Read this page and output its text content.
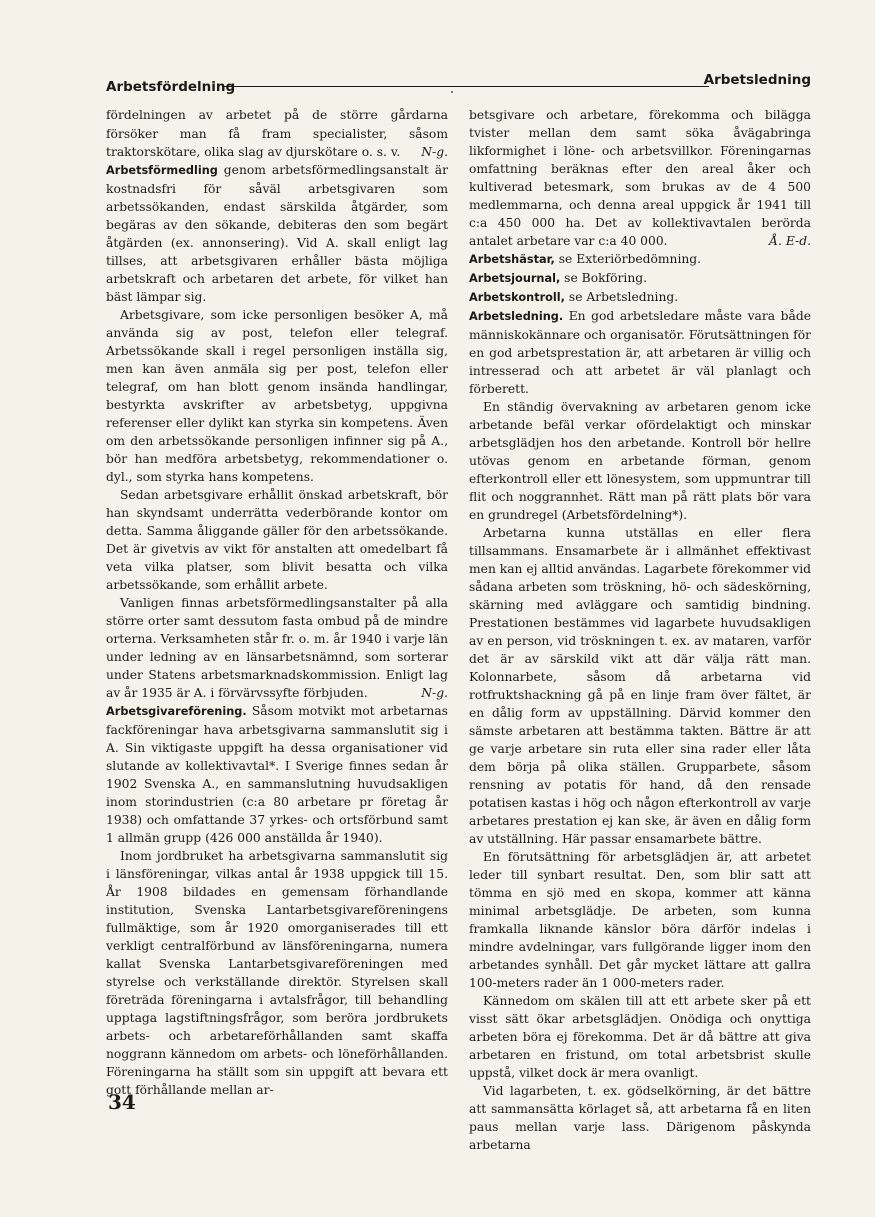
Arbetsfördelning	Arbetsledning

fördelningen av arbetet på de större gårdarna försöker man få fram specialister, såsom traktorskötare, olika slag av djurskötare o. s. v.	N-g.

Arbetsförmedling genom arbetsförmedlingsanstalt är kostnadsfri för såväl arbetsgivaren som arbetssökanden, endast särskilda åtgärder, som begäras av den sökande, debiteras den som begärt åtgärden (ex. annonsering). Vid A. skall enligt lag tillses, att arbetsgivaren erhåller bästa möjliga arbetskraft och arbetaren det arbete, för vilket han bäst lämpar sig.

Arbetsgivare, som icke personligen besöker A, må använda sig av post, telefon eller telegraf. Arbetssökande skall i regel personligen inställa sig, men kan även anmäla sig per post, telefon eller telegraf, om han blott genom insända handlingar, bestyrkta avskrifter av arbetsbetyg, uppgivna referenser eller dylikt kan styrka sin kompetens. Även om den arbetssökande personligen infinner sig på A., bör han medföra arbetsbetyg, rekommendationer o. dyl., som styrka hans kompetens.

Sedan arbetsgivare erhållit önskad arbetskraft, bör han skyndsamt underrätta vederbörande kontor om detta. Samma åliggande gäller för den arbetssökande. Det är givetvis av vikt för anstalten att omedelbart få veta vilka platser, som blivit besatta och vilka arbetssökande, som erhållit arbete.

Vanligen finnas arbetsförmedlingsanstalter på alla större orter samt dessutom fasta ombud på de mindre orterna. Verksamheten står fr. o. m. år 1940 i varje län under ledning av en länsarbetsnämnd, som sorterar under Statens arbetsmarknadskommission. Enligt lag av år 1935 är A. i förvärvssyfte förbjuden.	N-g.

Arbetsgivareförening. Såsom motvikt mot arbetarnas fackföreningar hava arbetsgivarna sammanslutit sig i A. Sin viktigaste uppgift ha dessa organisationer vid slutande av kollektivavtal*. I Sverige finnes sedan år 1902 Svenska A., en sammanslutning huvudsakligen inom storindustrien (c:a 80 arbetare pr företag år 1938) och omfattande 37 yrkes- och ortsförbund samt 1 allmän grupp (426 000 anställda år 1940).

Inom jordbruket ha arbetsgivarna sammanslutit sig i länsföreningar, vilkas antal år 1938 uppgick till 15. År 1908 bildades en gemensam förhandlande institution, Svenska Lantarbetsgivareföreningens fullmäktige, som år 1920 omorganiserades till ett verkligt centralförbund av länsföreningarna, numera kallat Svenska Lantarbetsgivareföreningen med styrelse och verkställande direktör. Styrelsen skall företräda föreningarna i avtalsfrågor, till behandling upptaga lagstiftningsfrågor, som beröra jordbrukets arbets- och arbetareförhållanden samt skaffa noggrann kännedom om arbets- och löneförhållanden. Föreningarna ha ställt som sin uppgift att bevara ett gott förhållande mellan ar-

betsgivare och arbetare, förekomma och bilägga tvister mellan dem samt söka åvägabringa likformighet i löne- och arbetsvillkor. Föreningarnas omfattning beräknas efter den areal åker och kultiverad betesmark, som brukas av de 4 500 medlemmarna, och denna areal uppgick år 1941 till c:a 450 000 ha. Det av kollektivavtalen berörda antalet arbetare var c:a 40 000.	Å. E-d.

Arbetshästar, se Exteriörbedömning.

Arbetsjournal, se Bokföring.

Arbetskontroll, se Arbetsledning.

Arbetsledning. En god arbetsledare måste vara både människokännare och organisatör. Förutsättningen för en god arbetsprestation är, att arbetaren är villig och intresserad och att arbetet är väl planlagt och förberett.

En ständig övervakning av arbetaren genom icke arbetande befäl verkar ofördelaktigt och minskar arbetsglädjen hos den arbetande. Kontroll bör hellre utövas genom en arbetande förman, genom efterkontroll eller ett lönesystem, som uppmuntrar till flit och noggrannhet. Rätt man på rätt plats bör vara en grundregel (Arbetsfördelning*).

Arbetarna kunna utställas en eller flera tillsammans. Ensamarbete är i allmänhet effektivast men kan ej alltid användas. Lagarbete förekommer vid sådana arbeten som tröskning, hö- och sädeskörning, skärning med avläggare och samtidig bindning. Prestationen bestämmes vid lagarbete huvudsakligen av en person, vid tröskningen t. ex. av mataren, varför det är av särskild vikt att där välja rätt man. Kolonnarbete, såsom då arbetarna vid rotfruktshackning gå på en linje fram över fältet, är en dålig form av uppställning. Därvid kommer den sämste arbetaren att bestämma takten. Bättre är att ge varje arbetare sin ruta eller sina rader eller låta dem börja på olika ställen. Grupparbete, såsom rensning av potatis för hand, då den rensade potatisen kastas i hög och någon efterkontroll av varje arbetares prestation ej kan ske, är även en dålig form av utställning. Här passar ensamarbete bättre.

En förutsättning för arbetsglädjen är, att arbetet leder till synbart resultat. Den, som blir satt att tömma en sjö med en skopa, kommer att känna minimal arbetsglädje. De arbeten, som kunna framkalla liknande känslor böra därför indelas i mindre avdelningar, vars fullgörande ligger inom den arbetandes synhåll. Det går mycket lättare att gallra 100-meters rader än 1 000-meters rader.

Kännedom om skälen till att ett arbete sker på ett visst sätt ökar arbetsglädjen. Onödiga och onyttiga arbeten böra ej förekomma. Det är då bättre att giva arbetaren en fristund, om total arbetsbrist skulle uppstå, vilket dock är mera ovanligt.

Vid lagarbeten, t. ex. gödselkörning, är det bättre att sammansätta körlaget så, att arbetarna få en liten paus mellan varje lass. Därigenom påskynda arbetarna

34
